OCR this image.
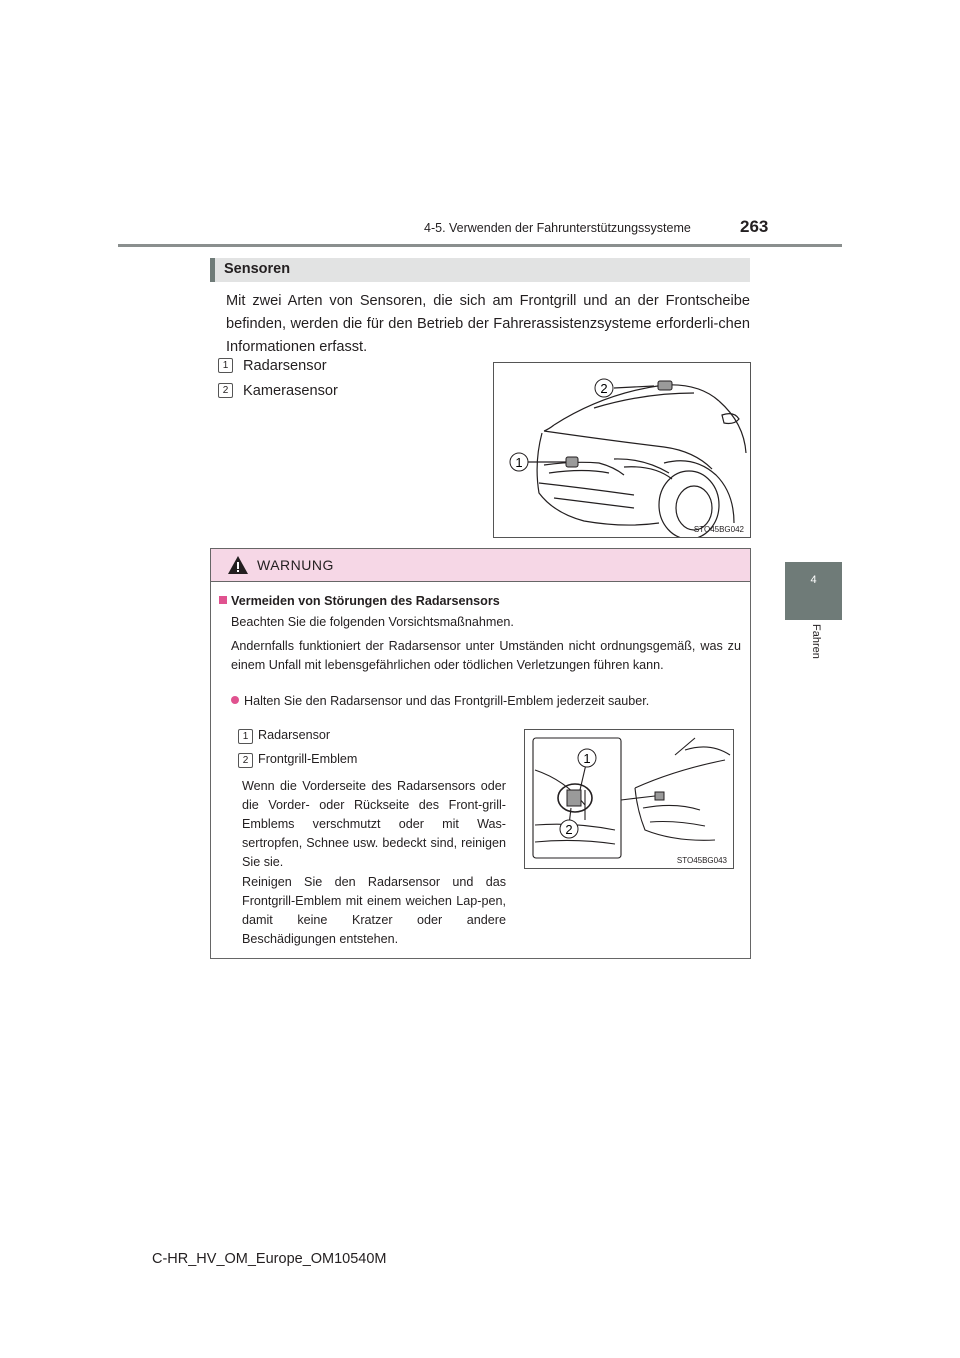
4-5. Verwenden der Fahrunterstützungssysteme	263
4
Fahren
Sensoren
Mit zwei Arten von Sensoren, die sich am Frontgrill und an der Frontscheibe befinden, werden die für den Betrieb der Fahrerassistenzsysteme erforderli-chen Informationen erfasst.
1	Radarsensor
2	Kamerasensor
1
2
STO45BG042
WARNUNG
Vermeiden von Störungen des Radarsensors
Beachten Sie die folgenden Vorsichtsmaßnahmen.
Andernfalls funktioniert der Radarsensor unter Umständen nicht ordnungsgemäß, was zu einem Unfall mit lebensgefährlichen oder tödlichen Verletzungen führen kann.
Halten Sie den Radarsensor und das Frontgrill-Emblem jederzeit sauber.
1 Radarsensor
2 Frontgrill-Emblem
Wenn die Vorderseite des Radarsensors oder die Vorder- oder Rückseite des Front-grill-Emblems verschmutzt oder mit Was-sertropfen, Schnee usw. bedeckt sind, reinigen Sie sie.
Reinigen Sie den Radarsensor und das Frontgrill-Emblem mit einem weichen Lap-pen, damit keine Kratzer oder andere Beschädigungen entstehen.
1
2
STO45BG043
C-HR_HV_OM_Europe_OM10540M
